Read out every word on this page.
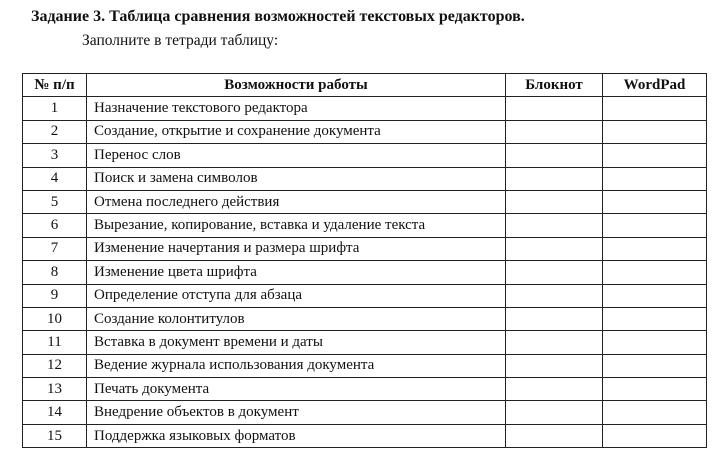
Задание 3. Таблица сравнения возможностей текстовых редакторов.
Заполните в тетради таблицу:
№ п/п	Возможности работы	Блокнот	WordPad
1	Назначение текстового редактора		
2	Создание, открытие и сохранение документа		
3	Перенос слов		
4	Поиск и замена символов		
5	Отмена последнего действия		
6	Вырезание, копирование, вставка и удаление текста		
7	Изменение начертания и размера шрифта		
8	Изменение цвета шрифта		
9	Определение отступа для абзаца		
10	Создание колонтитулов		
11	Вставка в документ времени и даты		
12	Ведение журнала использования документа		
13	Печать документа		
14	Внедрение объектов в документ		
15	Поддержка языковых форматов		
